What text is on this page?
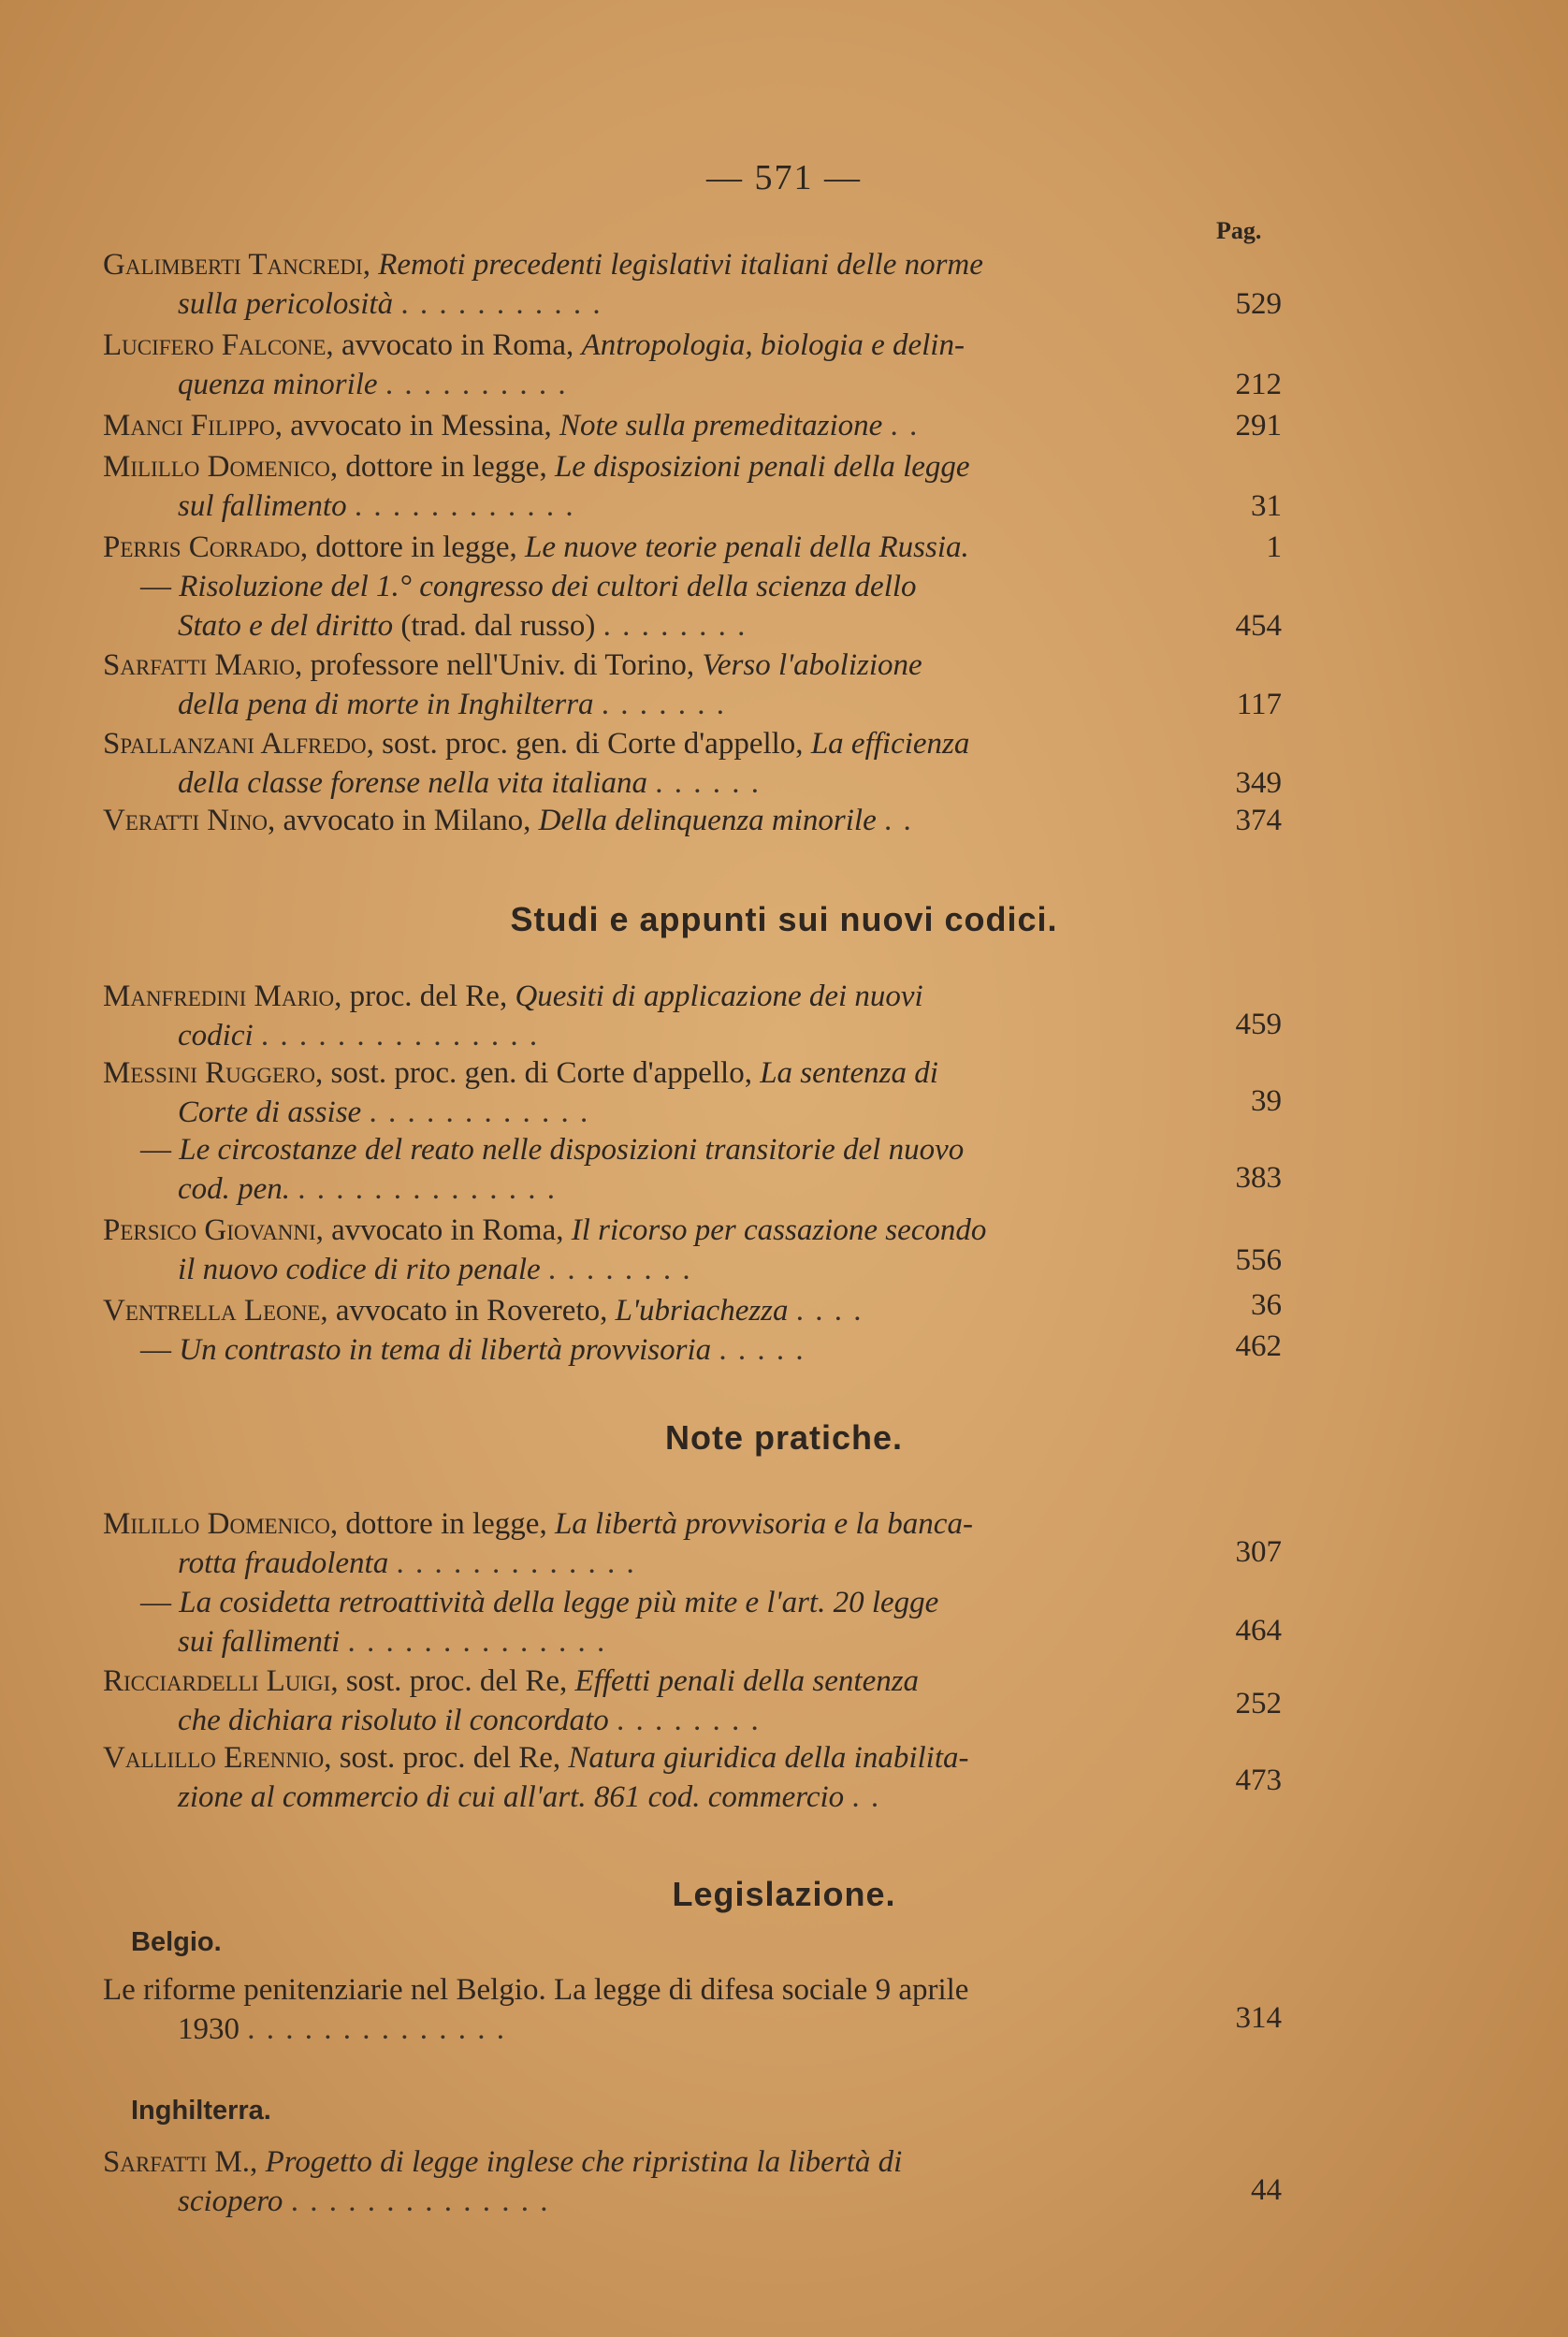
— 571 —
Pag.
Galimberti Tancredi, Remoti precedenti legislativi italiani delle norme
sulla pericolosità . . . . . . . . . . .	529
Lucifero Falcone, avvocato in Roma, Antropologia, biologia e delin-
quenza minorile . . . . . . . . . .	212
Manci Filippo, avvocato in Messina, Note sulla premeditazione . .	291
Milillo Domenico, dottore in legge, Le disposizioni penali della legge
sul fallimento . . . . . . . . . . . .	31
Perris Corrado, dottore in legge, Le nuove teorie penali della Russia.	1
— Risoluzione del 1.° congresso dei cultori della scienza dello
Stato e del diritto (trad. dal russo) . . . . . . . .	454
Sarfatti Mario, professore nell'Univ. di Torino, Verso l'abolizione
della pena di morte in Inghilterra . . . . . . .	117
Spallanzani Alfredo, sost. proc. gen. di Corte d'appello, La efficienza
della classe forense nella vita italiana . . . . . .	349
Veratti Nino, avvocato in Milano, Della delinquenza minorile . .	374
Studi e appunti sui nuovi codici.
Manfredini Mario, proc. del Re, Quesiti di applicazione dei nuovi
codici . . . . . . . . . . . . . . .	459
Messini Ruggero, sost. proc. gen. di Corte d'appello, La sentenza di
Corte di assise . . . . . . . . . . . .	39
— Le circostanze del reato nelle disposizioni transitorie del nuovo
cod. pen. . . . . . . . . . . . . . .	383
Persico Giovanni, avvocato in Roma, Il ricorso per cassazione secondo
il nuovo codice di rito penale . . . . . . . .	556
Ventrella Leone, avvocato in Rovereto, L'ubriachezza . . . .	36
— Un contrasto in tema di libertà provvisoria . . . . .	462
Note pratiche.
Milillo Domenico, dottore in legge, La libertà provvisoria e la banca-
rotta fraudolenta . . . . . . . . . . . . .	307
— La cosidetta retroattività della legge più mite e l'art. 20 legge
sui fallimenti . . . . . . . . . . . . . .	464
Ricciardelli Luigi, sost. proc. del Re, Effetti penali della sentenza
che dichiara risoluto il concordato . . . . . . . .	252
Vallillo Erennio, sost. proc. del Re, Natura giuridica della inabilita-
zione al commercio di cui all'art. 861 cod. commercio . .	473
Legislazione.
Belgio.
Le riforme penitenziarie nel Belgio. La legge di difesa sociale 9 aprile
1930 . . . . . . . . . . . . . .	314
Inghilterra.
Sarfatti M., Progetto di legge inglese che ripristina la libertà di
sciopero . . . . . . . . . . . . . .	44
